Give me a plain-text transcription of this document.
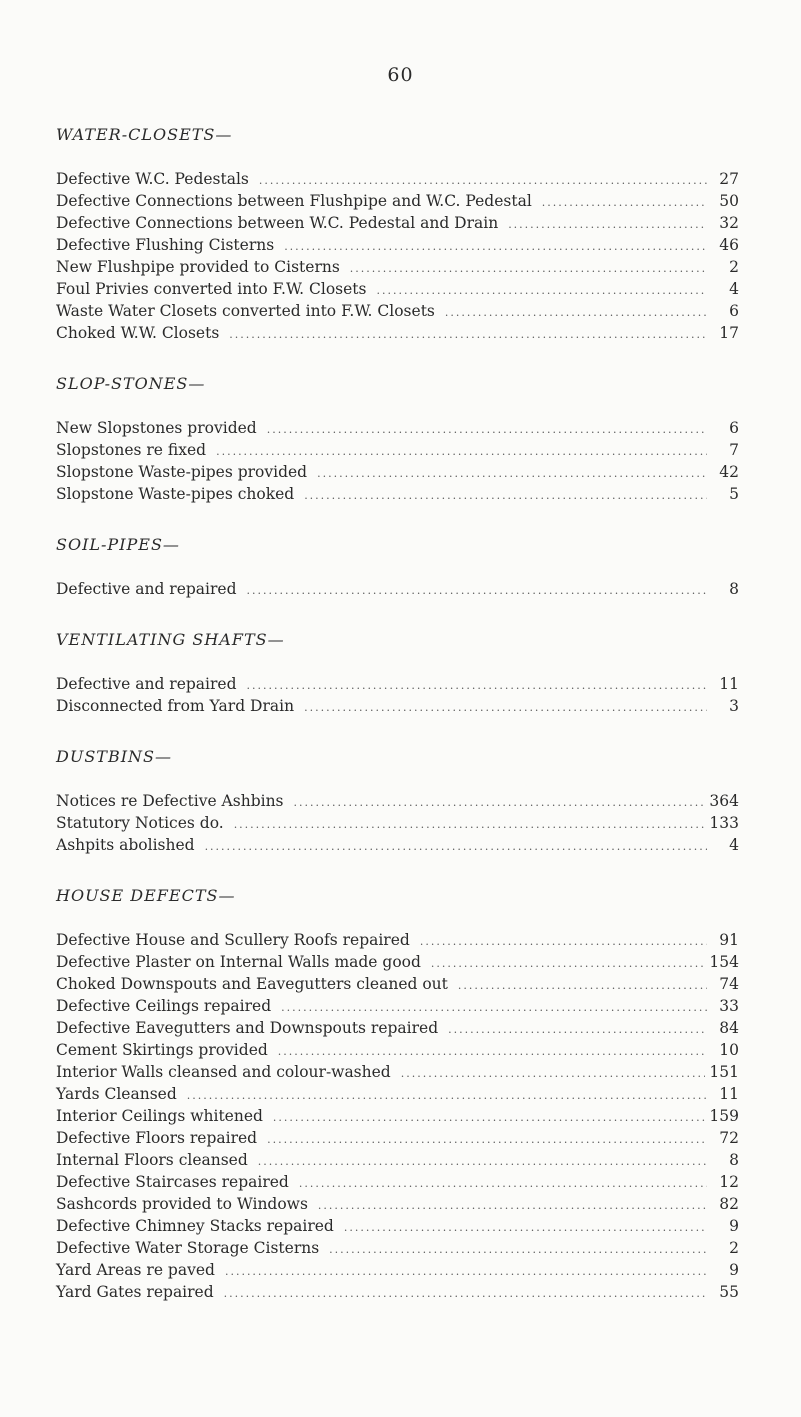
60

WATER-CLOSETS—

Defective W.C. Pedestals .....	27
Defective Connections between Flushpipe and W.C. Pedestal .....	50
Defective Connections between W.C. Pedestal and Drain .....	32
Defective Flushing Cisterns .....	46
New Flushpipe provided to Cisterns .....	2
Foul Privies converted into F.W. Closets .....	4
Waste Water Closets converted into F.W. Closets .....	6
Choked W.W. Closets .....	17

SLOP-STONES—

New Slopstones provided .....	6
Slopstones re fixed .....	7
Slopstone Waste-pipes provided .....	42
Slopstone Waste-pipes choked .....	5

SOIL-PIPES—

Defective and repaired .....	8

VENTILATING SHAFTS—

Defective and repaired .....	11
Disconnected from Yard Drain .....	3

DUSTBINS—

Notices re Defective Ashbins .....	364
Statutory Notices do. .....	133
Ashpits abolished .....	4

HOUSE DEFECTS—

Defective House and Scullery Roofs repaired .....	91
Defective Plaster on Internal Walls made good .....	154
Choked Downspouts and Eavegutters cleaned out .....	74
Defective Ceilings repaired .....	33
Defective Eavegutters and Downspouts repaired .....	84
Cement Skirtings provided .....	10
Interior Walls cleansed and colour-washed .....	151
Yards Cleansed .....	11
Interior Ceilings whitened .....	159
Defective Floors repaired .....	72
Internal Floors cleansed .....	8
Defective Staircases repaired .....	12
Sashcords provided to Windows .....	82
Defective Chimney Stacks repaired .....	9
Defective Water Storage Cisterns .....	2
Yard Areas re paved .....	9
Yard Gates repaired .....	55
